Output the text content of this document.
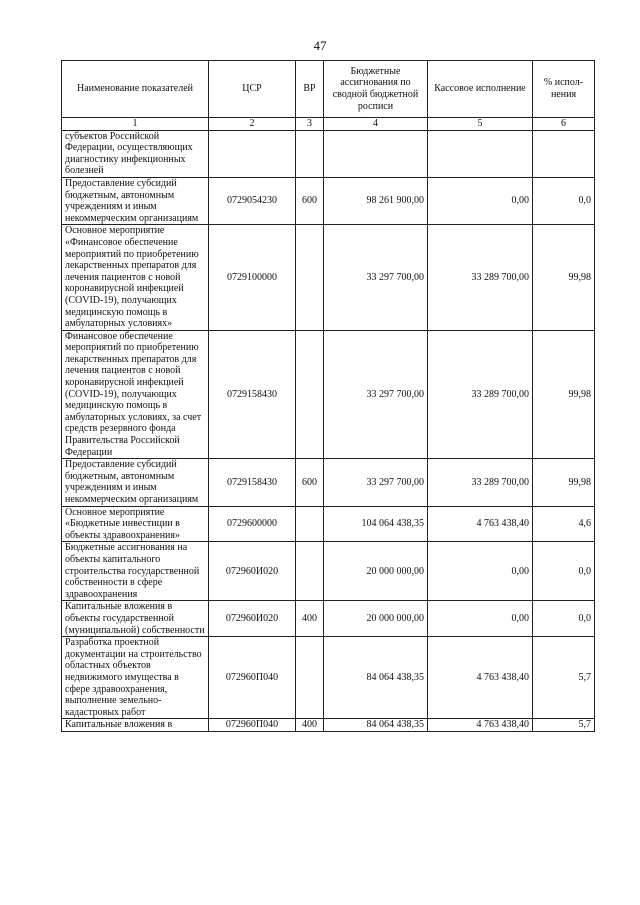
47
Наименование показателей	ЦСР	ВР	Бюджетные ассигнования по сводной бюджетной росписи	Кассовое исполнение	% испол-нения
1	2	3	4	5	6
субъектов Российской Федерации, осуществляющих диагностику инфекционных болезней					
Предоставление субсидий бюджетным, автономным учреждениям и иным некоммерческим организациям	0729054230	600	98 261 900,00	0,00	0,0
Основное мероприятие «Финансовое обеспечение мероприятий по приобретению лекарственных препаратов для лечения пациентов с новой коронавирусной инфекцией (COVID-19), получающих медицинскую помощь в амбулаторных условиях»	0729100000		33 297 700,00	33 289 700,00	99,98
Финансовое обеспечение мероприятий по приобретению лекарственных препаратов для лечения пациентов с новой коронавирусной инфекцией (COVID-19), получающих медицинскую помощь в амбулаторных условиях, за счет средств резервного фонда Правительства Российской Федерации	0729158430		33 297 700,00	33 289 700,00	99,98
Предоставление субсидий бюджетным, автономным учреждениям и иным некоммерческим организациям	0729158430	600	33 297 700,00	33 289 700,00	99,98
Основное мероприятие «Бюджетные инвестиции в объекты здравоохранения»	0729600000		104 064 438,35	4 763 438,40	4,6
Бюджетные ассигнования на объекты капитального строительства государственной собственности в сфере здравоохранения	072960И020		20 000 000,00	0,00	0,0
Капитальные вложения в объекты государственной (муниципальной) собственности	072960И020	400	20 000 000,00	0,00	0,0
Разработка проектной документации на строительство областных объектов недвижимого имущества в сфере здравоохранения, выполнение земельно-кадастровых работ	072960П040		84 064 438,35	4 763 438,40	5,7
Капитальные вложения в	072960П040	400	84 064 438,35	4 763 438,40	5,7
